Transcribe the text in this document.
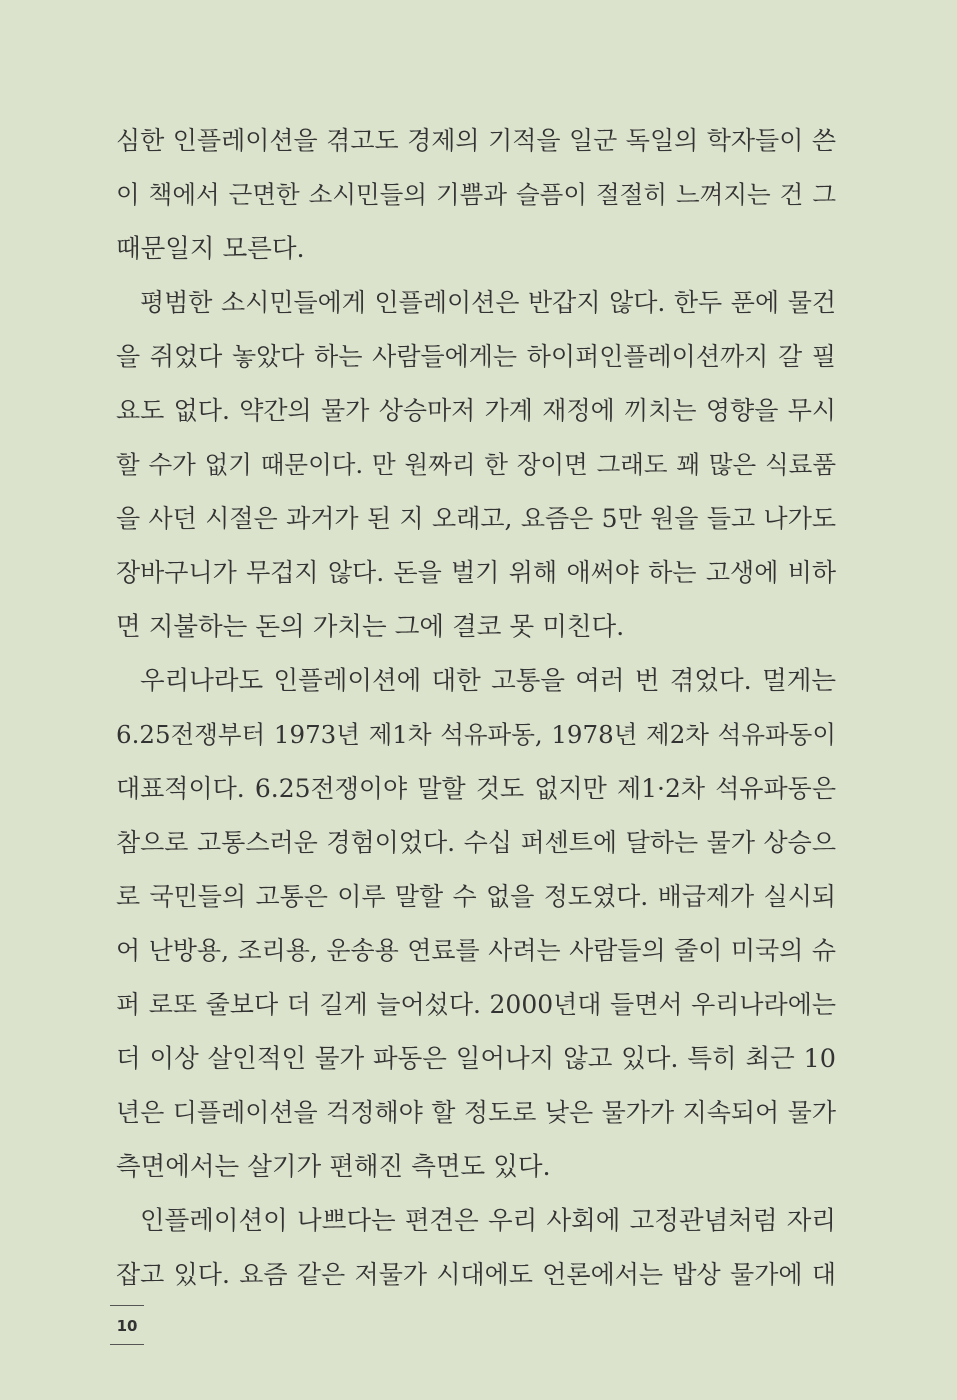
심한 인플레이션을 겪고도 경제의 기적을 일군 독일의 학자들이 쓴
이 책에서 근면한 소시민들의 기쁨과 슬픔이 절절히 느껴지는 건 그
때문일지 모른다.
평범한 소시민들에게 인플레이션은 반갑지 않다. 한두 푼에 물건
을 쥐었다 놓았다 하는 사람들에게는 하이퍼인플레이션까지 갈 필
요도 없다. 약간의 물가 상승마저 가계 재정에 끼치는 영향을 무시
할 수가 없기 때문이다. 만 원짜리 한 장이면 그래도 꽤 많은 식료품
을 사던 시절은 과거가 된 지 오래고, 요즘은 5만 원을 들고 나가도
장바구니가 무겁지 않다. 돈을 벌기 위해 애써야 하는 고생에 비하
면 지불하는 돈의 가치는 그에 결코 못 미친다.
우리나라도 인플레이션에 대한 고통을 여러 번 겪었다. 멀게는
6.25전쟁부터 1973년 제1차 석유파동, 1978년 제2차 석유파동이
대표적이다. 6.25전쟁이야 말할 것도 없지만 제1·2차 석유파동은
참으로 고통스러운 경험이었다. 수십 퍼센트에 달하는 물가 상승으
로 국민들의 고통은 이루 말할 수 없을 정도였다. 배급제가 실시되
어 난방용, 조리용, 운송용 연료를 사려는 사람들의 줄이 미국의 슈
퍼 로또 줄보다 더 길게 늘어섰다. 2000년대 들면서 우리나라에는
더 이상 살인적인 물가 파동은 일어나지 않고 있다. 특히 최근 10
년은 디플레이션을 걱정해야 할 정도로 낮은 물가가 지속되어 물가
측면에서는 살기가 편해진 측면도 있다.
인플레이션이 나쁘다는 편견은 우리 사회에 고정관념처럼 자리
잡고 있다. 요즘 같은 저물가 시대에도 언론에서는 밥상 물가에 대
10
